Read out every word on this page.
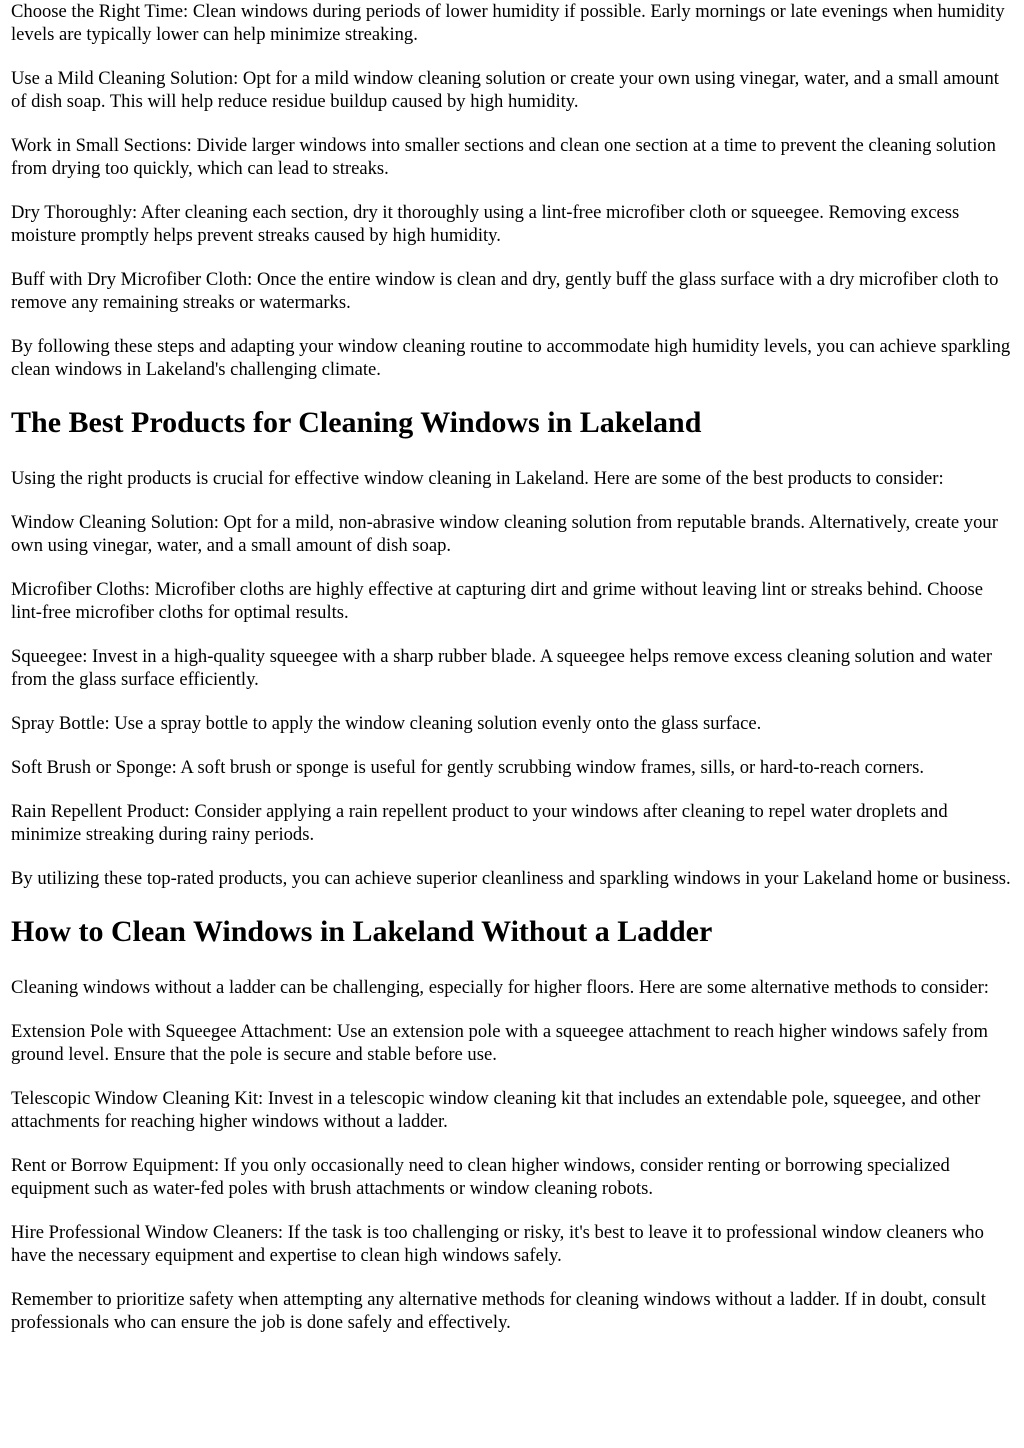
Choose the Right Time: Clean windows during periods of lower humidity if possible. Early mornings or late evenings when humidity levels are typically lower can help minimize streaking.

Use a Mild Cleaning Solution: Opt for a mild window cleaning solution or create your own using vinegar, water, and a small amount of dish soap. This will help reduce residue buildup caused by high humidity.

Work in Small Sections: Divide larger windows into smaller sections and clean one section at a time to prevent the cleaning solution from drying too quickly, which can lead to streaks.

Dry Thoroughly: After cleaning each section, dry it thoroughly using a lint-free microfiber cloth or squeegee. Removing excess moisture promptly helps prevent streaks caused by high humidity.

Buff with Dry Microfiber Cloth: Once the entire window is clean and dry, gently buff the glass surface with a dry microfiber cloth to remove any remaining streaks or watermarks.

By following these steps and adapting your window cleaning routine to accommodate high humidity levels, you can achieve sparkling clean windows in Lakeland's challenging climate.

The Best Products for Cleaning Windows in Lakeland

Using the right products is crucial for effective window cleaning in Lakeland. Here are some of the best products to consider:

Window Cleaning Solution: Opt for a mild, non-abrasive window cleaning solution from reputable brands. Alternatively, create your own using vinegar, water, and a small amount of dish soap.

Microfiber Cloths: Microfiber cloths are highly effective at capturing dirt and grime without leaving lint or streaks behind. Choose lint-free microfiber cloths for optimal results.

Squeegee: Invest in a high-quality squeegee with a sharp rubber blade. A squeegee helps remove excess cleaning solution and water from the glass surface efficiently.

Spray Bottle: Use a spray bottle to apply the window cleaning solution evenly onto the glass surface.

Soft Brush or Sponge: A soft brush or sponge is useful for gently scrubbing window frames, sills, or hard-to-reach corners.

Rain Repellent Product: Consider applying a rain repellent product to your windows after cleaning to repel water droplets and minimize streaking during rainy periods.

By utilizing these top-rated products, you can achieve superior cleanliness and sparkling windows in your Lakeland home or business.

How to Clean Windows in Lakeland Without a Ladder

Cleaning windows without a ladder can be challenging, especially for higher floors. Here are some alternative methods to consider:

Extension Pole with Squeegee Attachment: Use an extension pole with a squeegee attachment to reach higher windows safely from ground level. Ensure that the pole is secure and stable before use.

Telescopic Window Cleaning Kit: Invest in a telescopic window cleaning kit that includes an extendable pole, squeegee, and other attachments for reaching higher windows without a ladder.

Rent or Borrow Equipment: If you only occasionally need to clean higher windows, consider renting or borrowing specialized equipment such as water-fed poles with brush attachments or window cleaning robots.

Hire Professional Window Cleaners: If the task is too challenging or risky, it's best to leave it to professional window cleaners who have the necessary equipment and expertise to clean high windows safely.

Remember to prioritize safety when attempting any alternative methods for cleaning windows without a ladder. If in doubt, consult professionals who can ensure the job is done safely and effectively.
